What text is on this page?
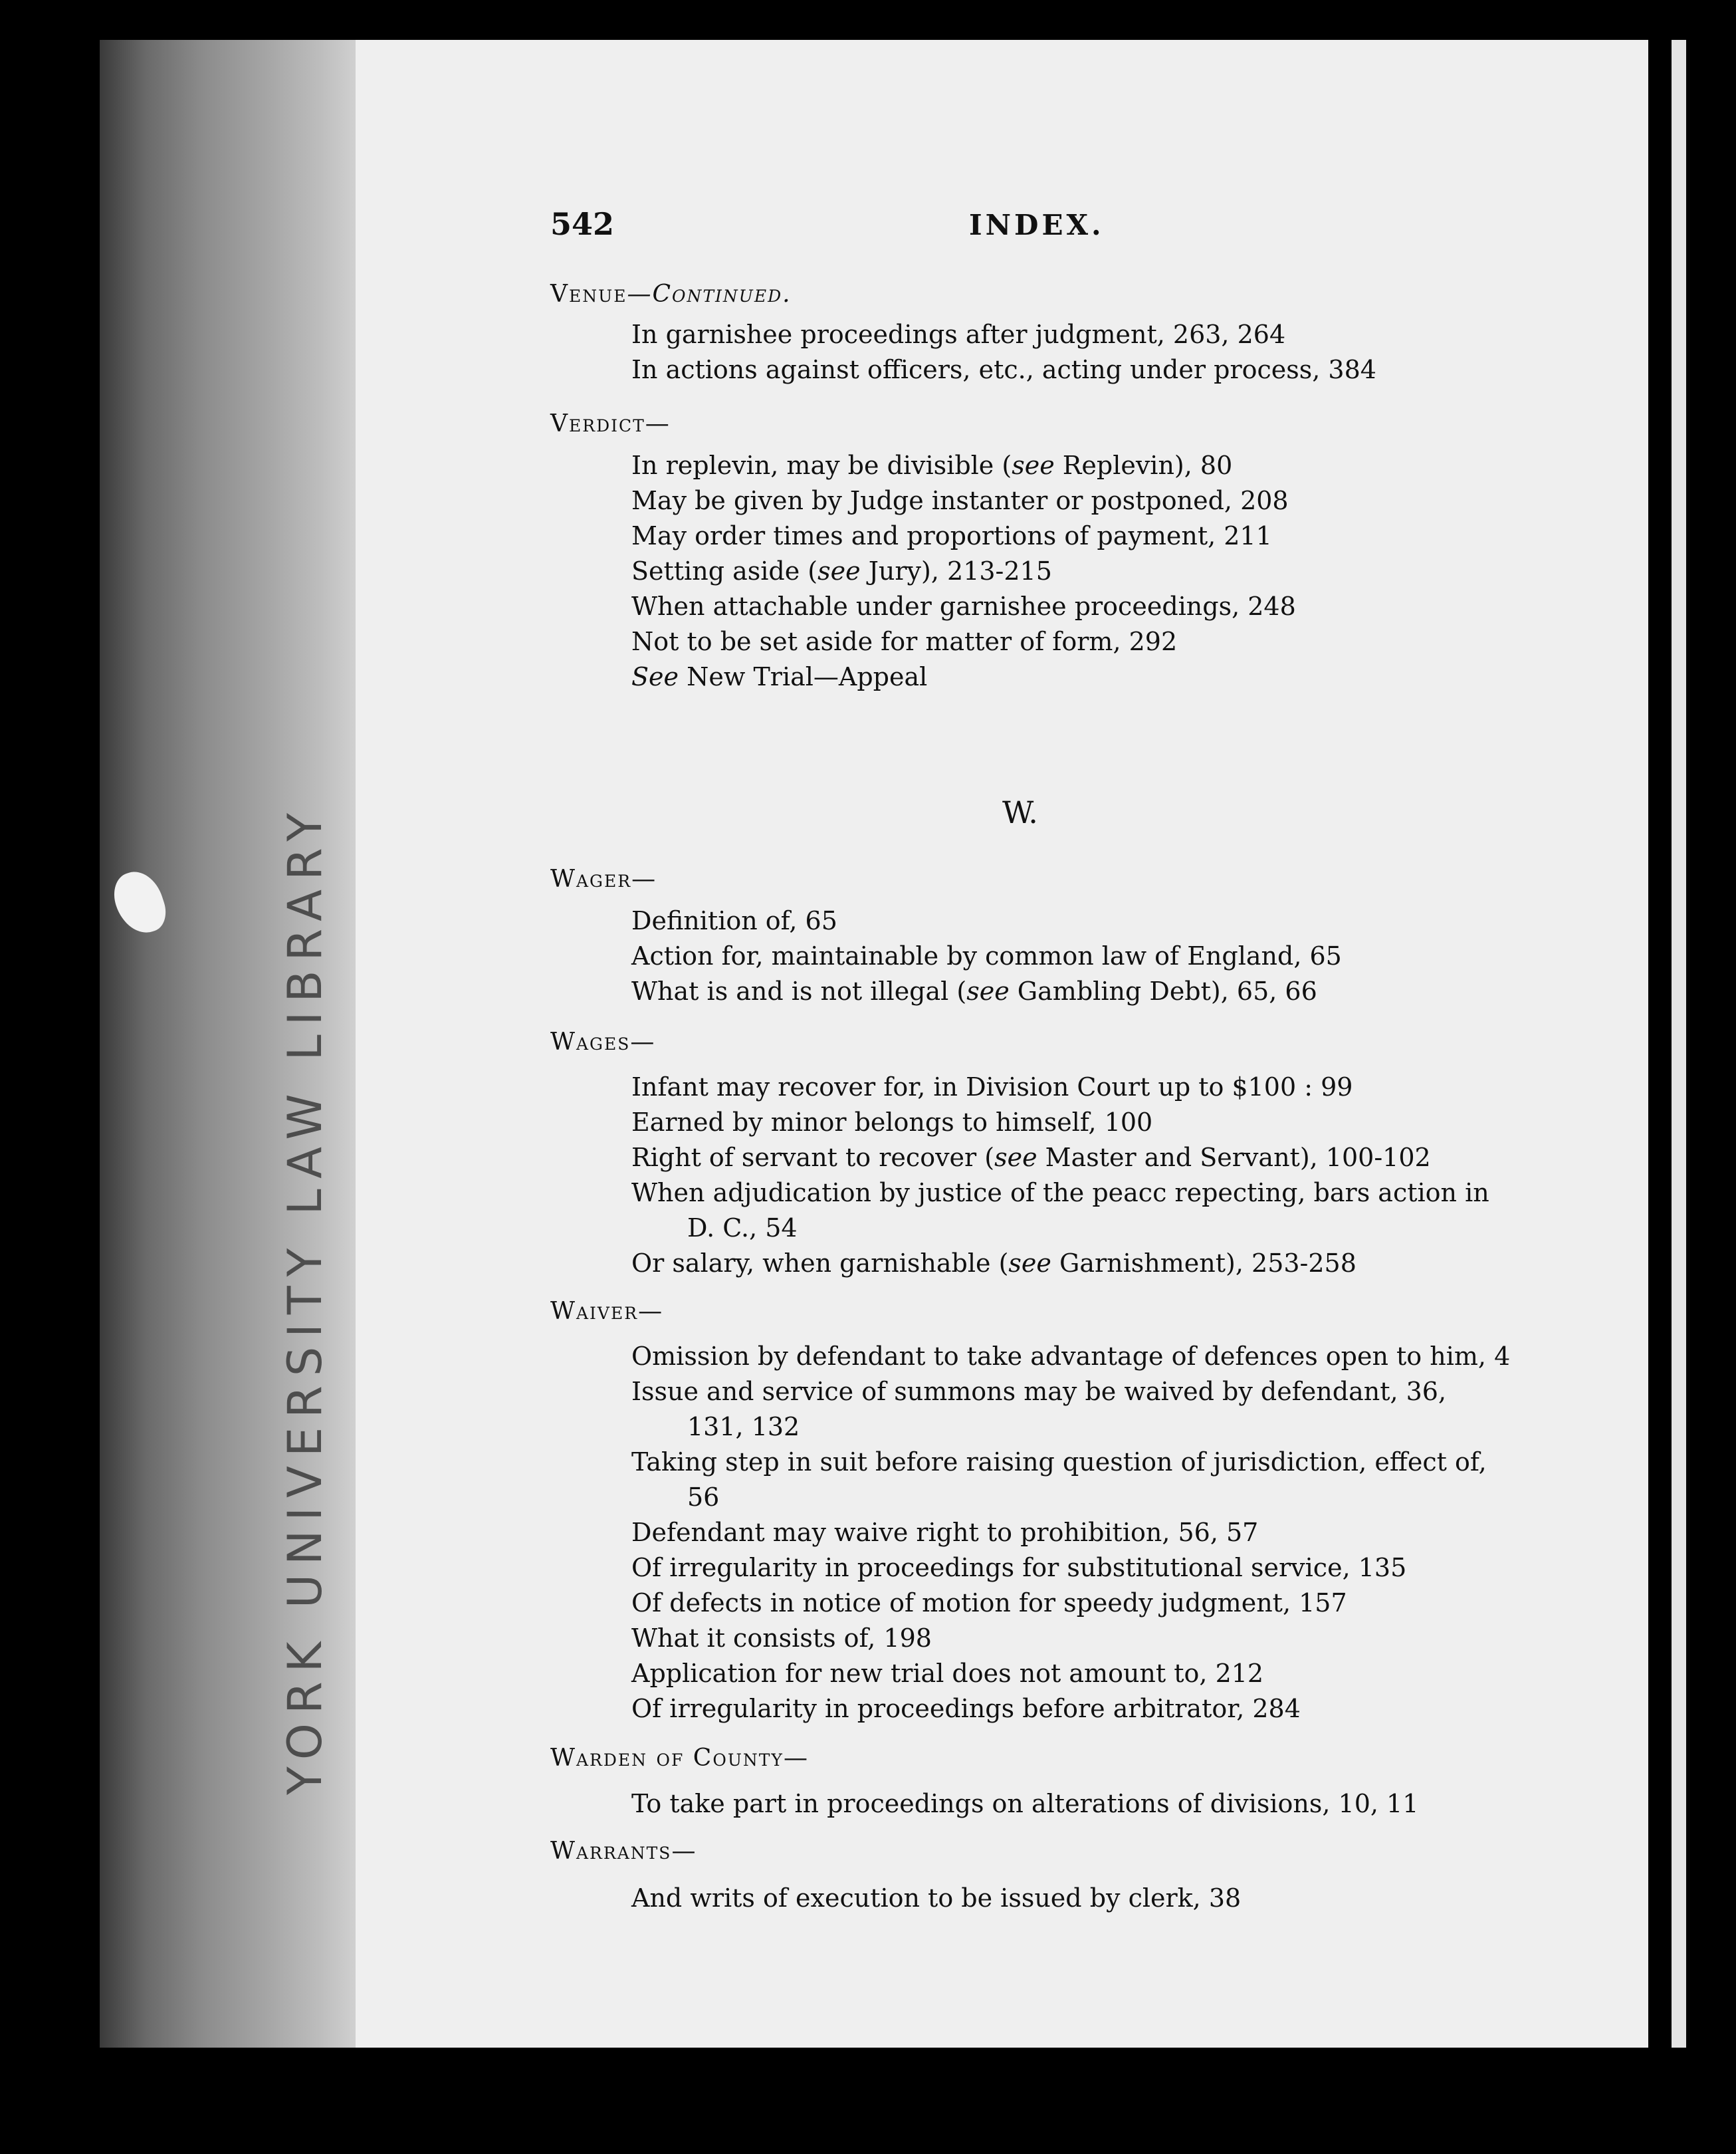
YORK UNIVERSITY LAW LIBRARY
542	INDEX.
Venue—Continued.
In garnishee proceedings after judgment, 263, 264
In actions against officers, etc., acting under process, 384
Verdict—
In replevin, may be divisible (see Replevin), 80
May be given by Judge instanter or postponed, 208
May order times and proportions of payment, 211
Setting aside (see Jury), 213-215
When attachable under garnishee proceedings, 248
Not to be set aside for matter of form, 292
See New Trial—Appeal
W.
Wager—
Definition of, 65
Action for, maintainable by common law of England, 65
What is and is not illegal (see Gambling Debt), 65, 66
Wages—
Infant may recover for, in Division Court up to $100 : 99
Earned by minor belongs to himself, 100
Right of servant to recover (see Master and Servant), 100-102
When adjudication by justice of the peacc repecting, bars action in
D. C., 54
Or salary, when garnishable (see Garnishment), 253-258
Waiver—
Omission by defendant to take advantage of defences open to him, 4
Issue and service of summons may be waived by defendant, 36,
131, 132
Taking step in suit before raising question of jurisdiction, effect of,
56
Defendant may waive right to prohibition, 56, 57
Of irregularity in proceedings for substitutional service, 135
Of defects in notice of motion for speedy judgment, 157
What it consists of, 198
Application for new trial does not amount to, 212
Of irregularity in proceedings before arbitrator, 284
Warden of County—
To take part in proceedings on alterations of divisions, 10, 11
Warrants—
And writs of execution to be issued by clerk, 38
